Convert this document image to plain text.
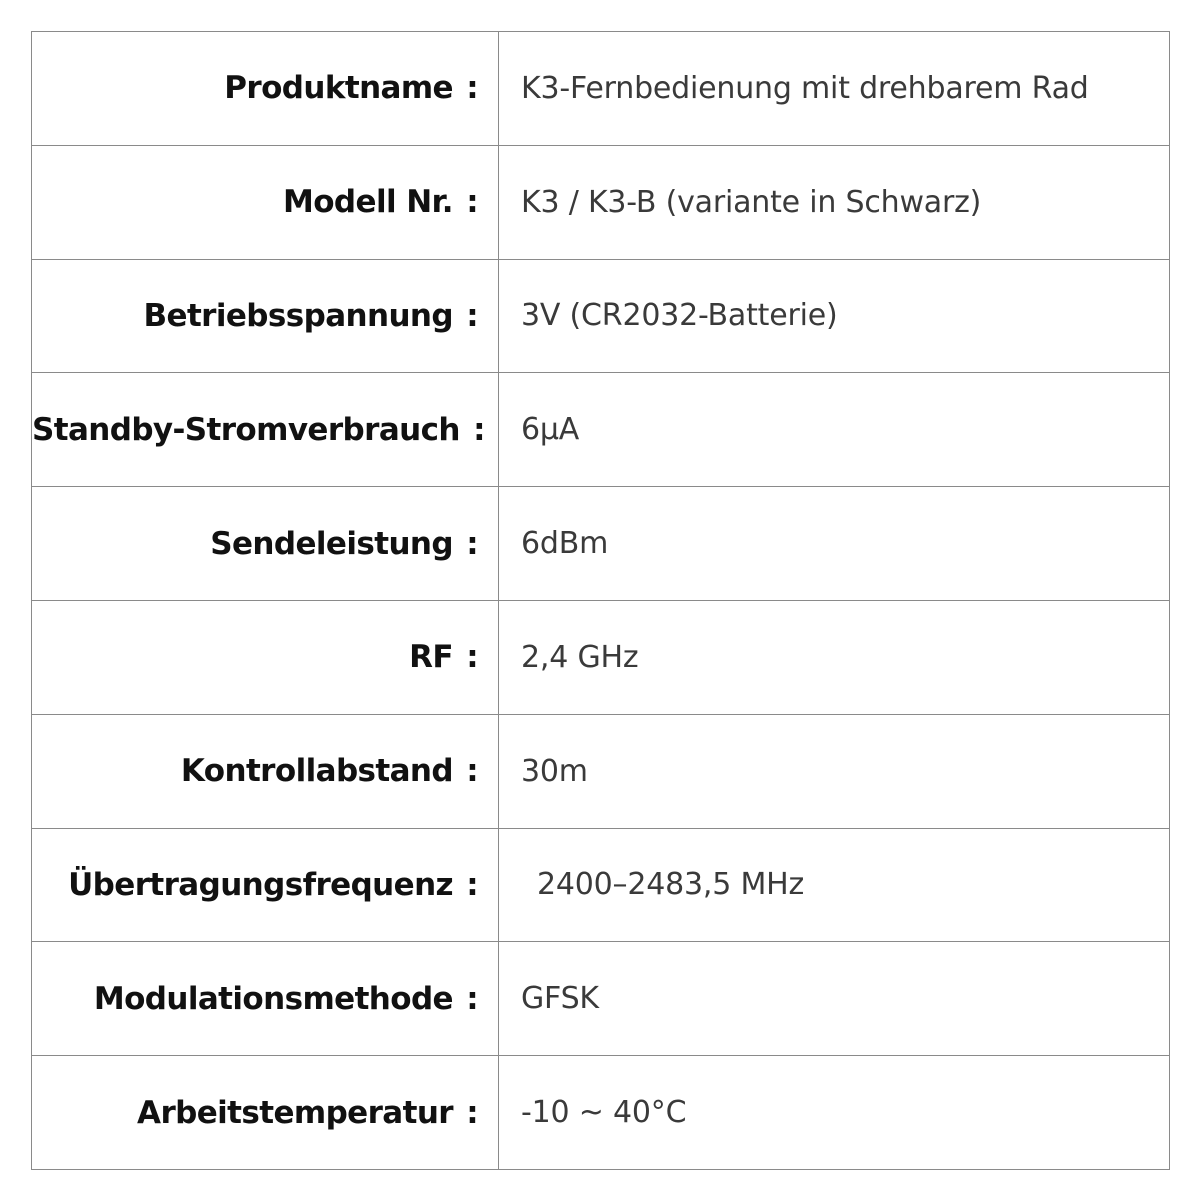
Produktname :	K3-Fernbedienung mit drehbarem Rad
Modell Nr. :	K3 / K3-B (variante in Schwarz)
Betriebsspannung :	3V (CR2032-Batterie)
Standby-Stromverbrauch :	6μA
Sendeleistung :	6dBm
RF :	2,4 GHz
Kontrollabstand :	30m
Übertragungsfrequenz :	2400–2483,5 MHz
Modulationsmethode :	GFSK
Arbeitstemperatur :	-10 ~ 40°C
